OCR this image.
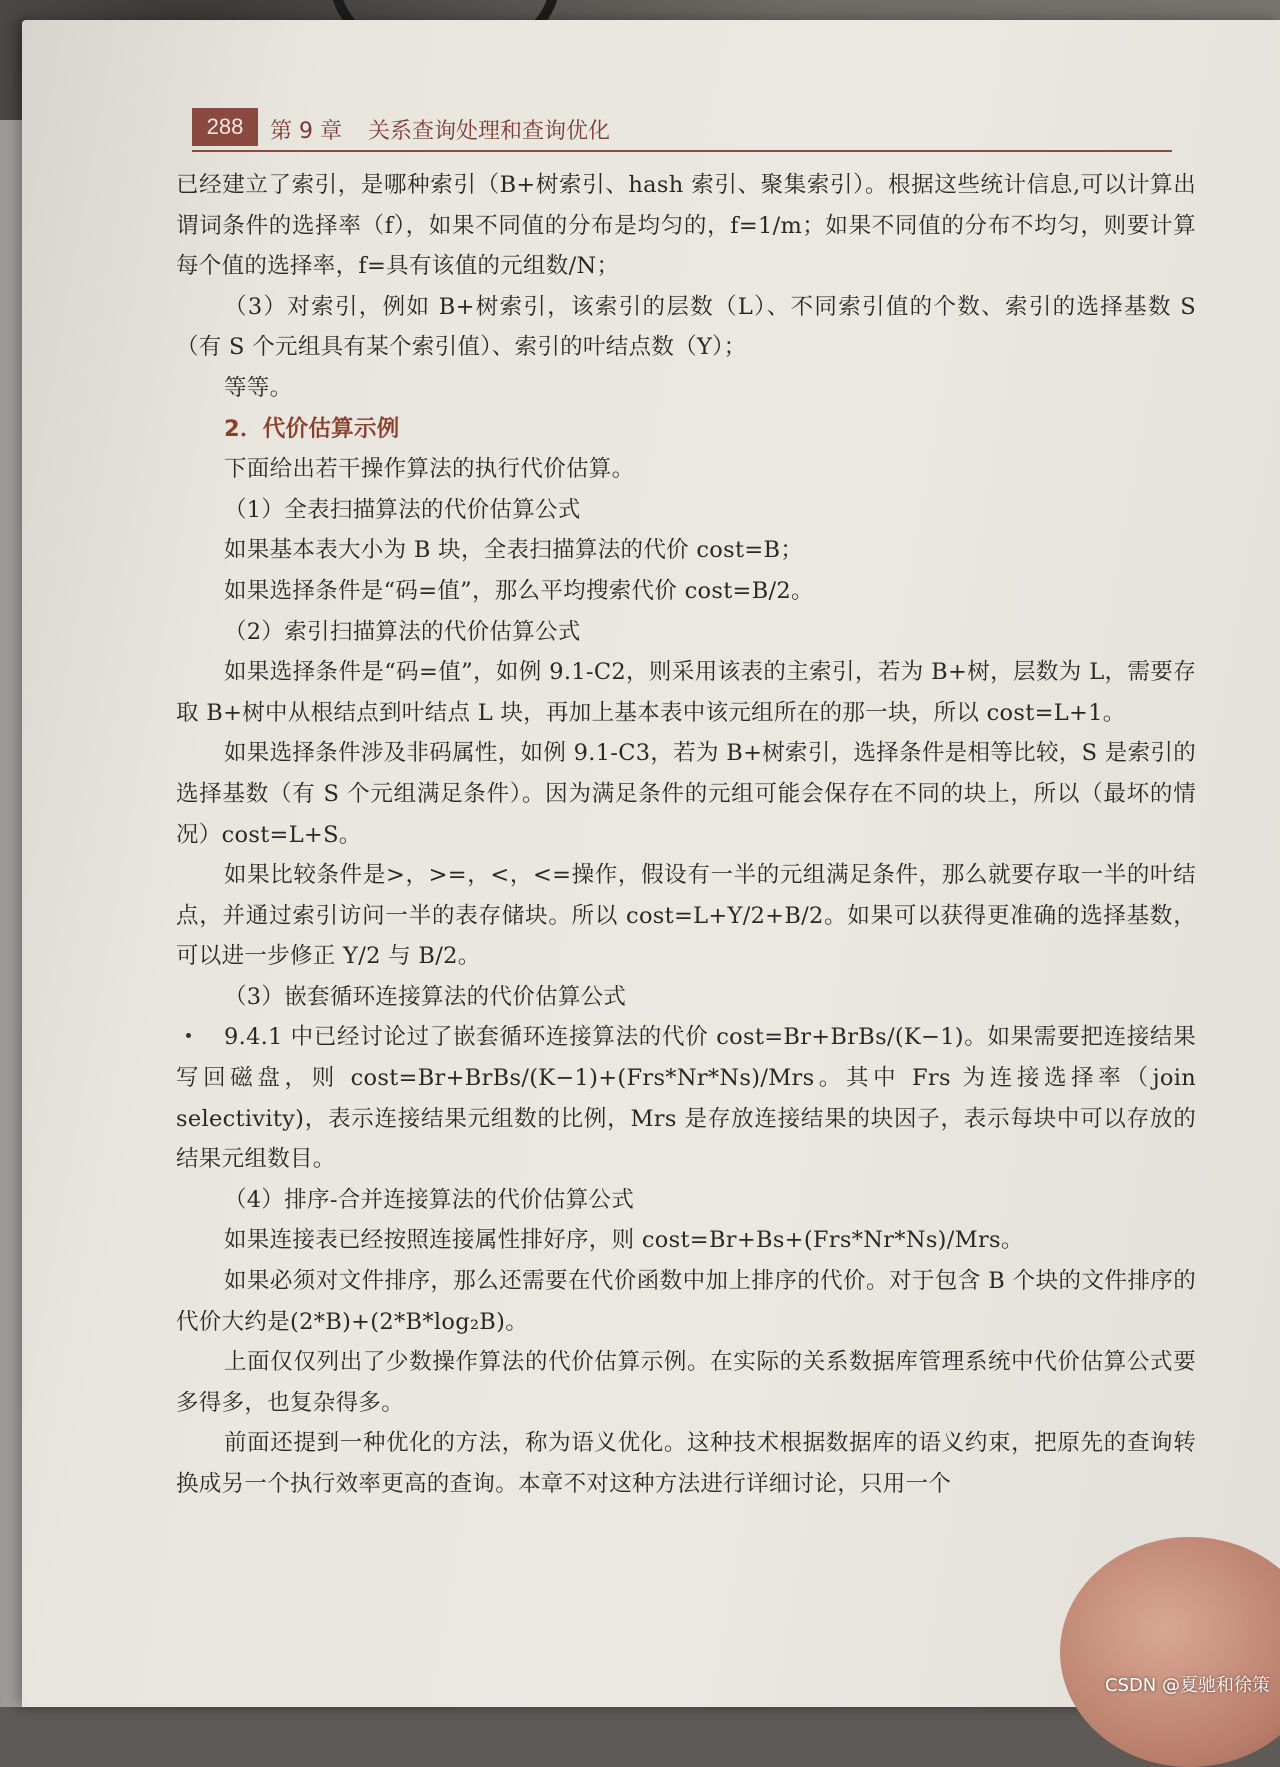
288	第 9 章 关系查询处理和查询优化

已经建立了索引，是哪种索引（B+树索引、hash 索引、聚集索引）。根据这些统计信息,可以计算出谓词条件的选择率（f），如果不同值的分布是均匀的，f=1/m；如果不同值的分布不均匀，则要计算每个值的选择率，f=具有该值的元组数/N；

（3）对索引，例如 B+树索引，该索引的层数（L）、不同索引值的个数、索引的选择基数 S（有 S 个元组具有某个索引值）、索引的叶结点数（Y）；

等等。

2．代价估算示例

下面给出若干操作算法的执行代价估算。

（1）全表扫描算法的代价估算公式

如果基本表大小为 B 块，全表扫描算法的代价 cost=B；

如果选择条件是“码=值”，那么平均搜索代价 cost=B/2。

（2）索引扫描算法的代价估算公式

如果选择条件是“码=值”，如例 9.1-C2，则采用该表的主索引，若为 B+树，层数为 L，需要存取 B+树中从根结点到叶结点 L 块，再加上基本表中该元组所在的那一块，所以 cost=L+1。

如果选择条件涉及非码属性，如例 9.1-C3，若为 B+树索引，选择条件是相等比较，S 是索引的选择基数（有 S 个元组满足条件）。因为满足条件的元组可能会保存在不同的块上，所以（最坏的情况）cost=L+S。

如果比较条件是>，>=，<，<=操作，假设有一半的元组满足条件，那么就要存取一半的叶结点，并通过索引访问一半的表存储块。所以 cost=L+Y/2+B/2。如果可以获得更准确的选择基数，可以进一步修正 Y/2 与 B/2。

（3）嵌套循环连接算法的代价估算公式

9.4.1 中已经讨论过了嵌套循环连接算法的代价 cost=Br+BrBs/(K−1)。如果需要把连接结果写回磁盘，则 cost=Br+BrBs/(K−1)+(Frs*Nr*Ns)/Mrs。其中 Frs 为连接选择率（join selectivity)，表示连接结果元组数的比例，Mrs 是存放连接结果的块因子，表示每块中可以存放的结果元组数目。

（4）排序-合并连接算法的代价估算公式

如果连接表已经按照连接属性排好序，则 cost=Br+Bs+(Frs*Nr*Ns)/Mrs。

如果必须对文件排序，那么还需要在代价函数中加上排序的代价。对于包含 B 个块的文件排序的代价大约是(2*B)+(2*B*log₂B)。

上面仅仅列出了少数操作算法的代价估算示例。在实际的关系数据库管理系统中代价估算公式要多得多，也复杂得多。

前面还提到一种优化的方法，称为语义优化。这种技术根据数据库的语义约束，把原先的查询转换成另一个执行效率更高的查询。本章不对这种方法进行详细讨论，只用一个

CSDN @夏驰和徐策
